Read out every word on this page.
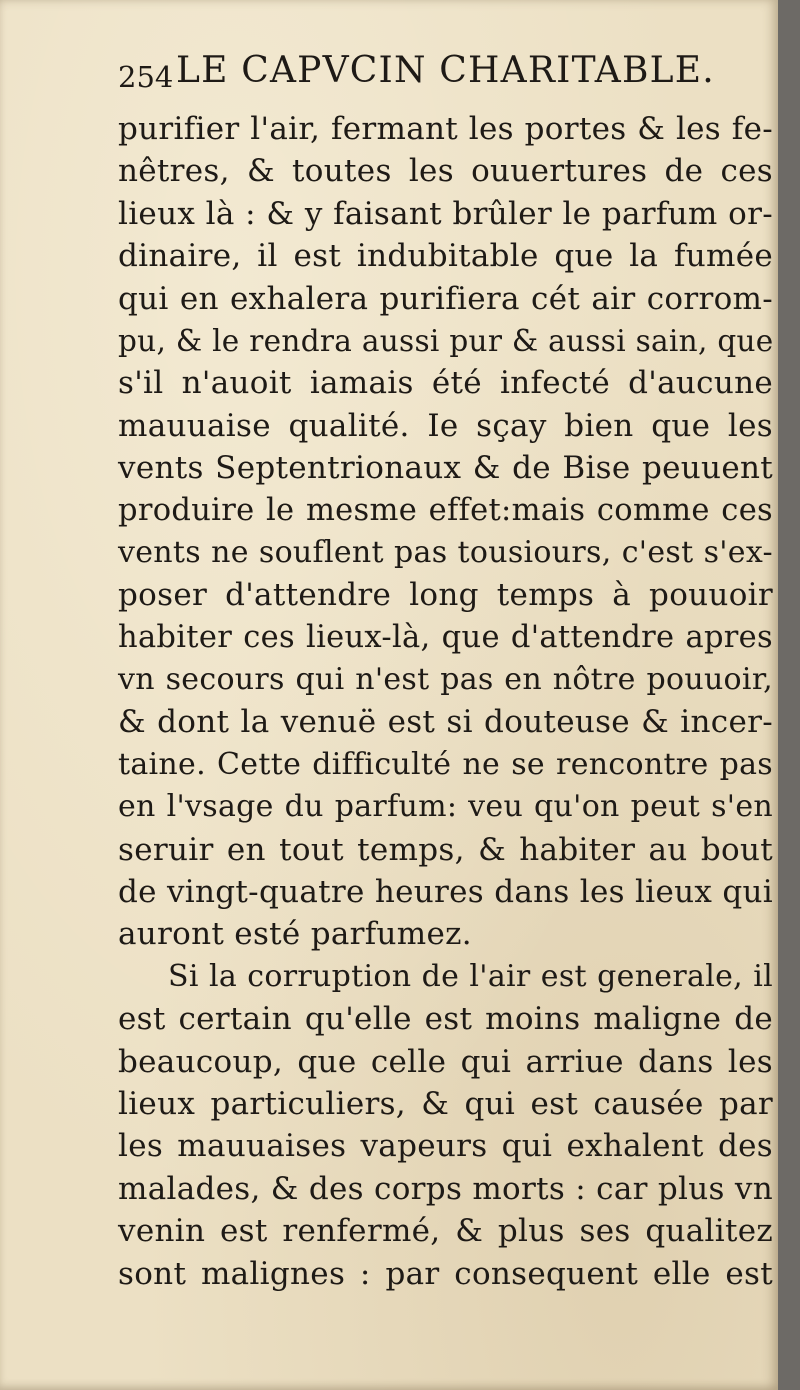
254 LE CAPVCIN CHARITABLE.
purifier l'air, fermant les portes & les fe-
nêtres, & toutes les ouuertures de ces
lieux là : & y faisant brûler le parfum or-
dinaire, il est indubitable que la fumée
qui en exhalera purifiera cét air corrom-
pu, & le rendra aussi pur & aussi sain, que
s'il n'auoit iamais été infecté d'aucune
mauuaise qualité. Ie sçay bien que les
vents Septentrionaux & de Bise peuuent
produire le mesme effet:mais comme ces
vents ne souflent pas tousiours, c'est s'ex-
poser d'attendre long temps à pouuoir
habiter ces lieux-là, que d'attendre apres
vn secours qui n'est pas en nôtre pouuoir,
& dont la venuë est si douteuse & incer-
taine. Cette difficulté ne se rencontre pas
en l'vsage du parfum: veu qu'on peut s'en
seruir en tout temps, & habiter au bout
de vingt-quatre heures dans les lieux qui
auront esté parfumez.
Si la corruption de l'air est generale, il
est certain qu'elle est moins maligne de
beaucoup, que celle qui arriue dans les
lieux particuliers, & qui est causée par
les mauuaises vapeurs qui exhalent des
malades, & des corps morts : car plus vn
venin est renfermé, & plus ses qualitez
sont malignes : par consequent elle est
